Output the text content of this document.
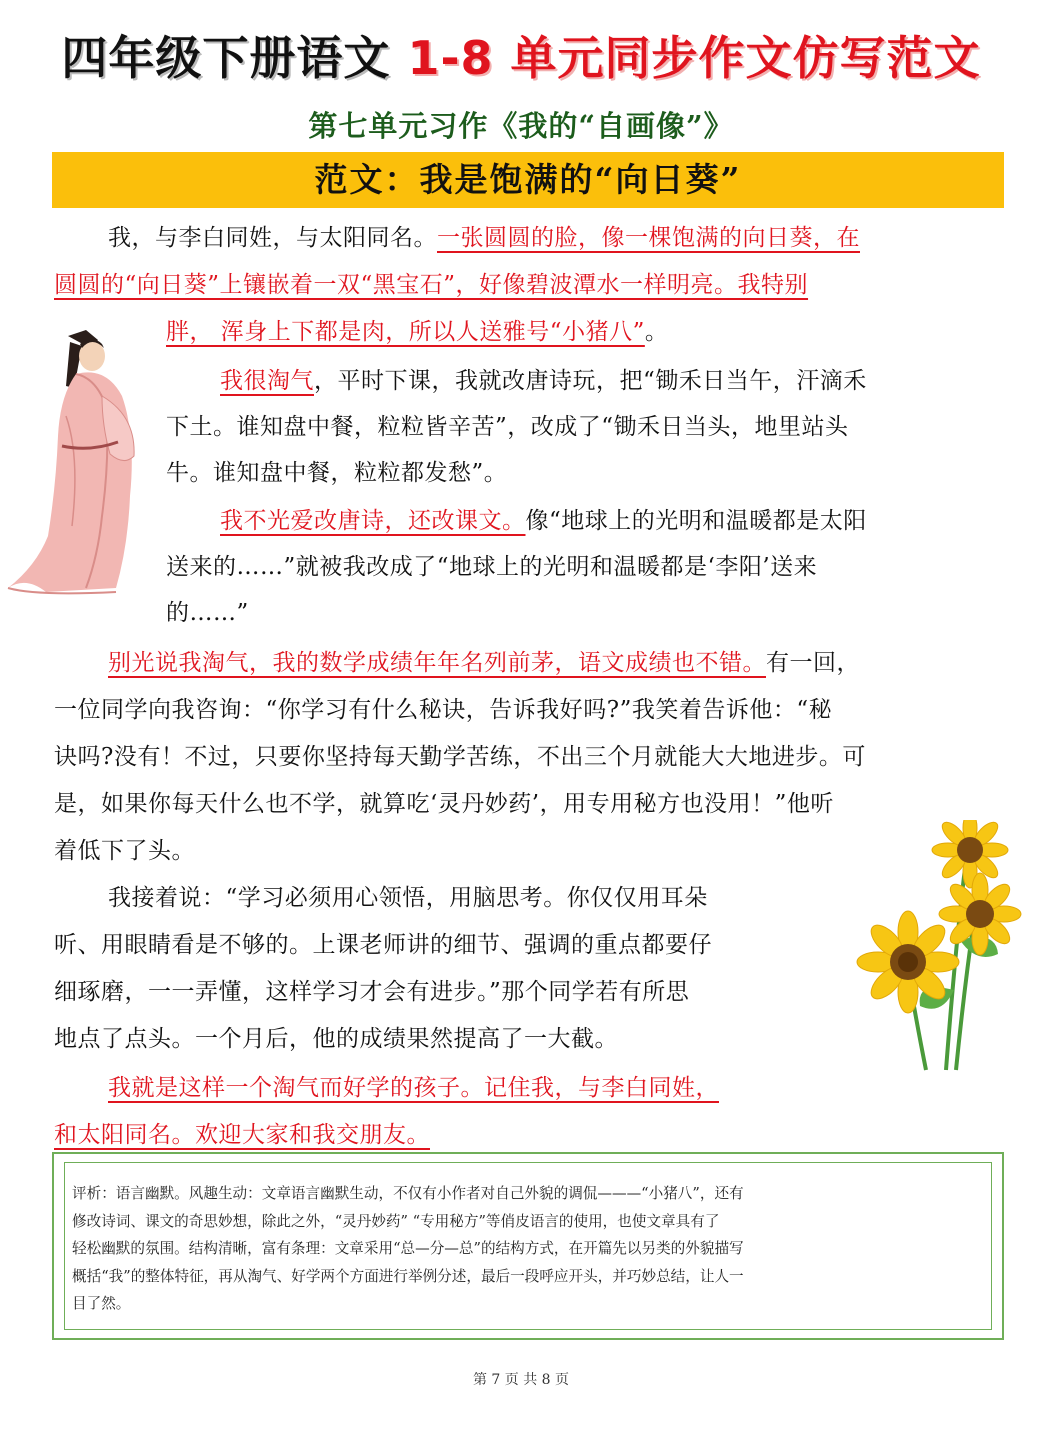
四年级下册语文 1-8 单元同步作文仿写范文
第七单元习作《我的“自画像”》
范文：我是饱满的“向日葵”
我，与李白同姓，与太阳同名。一张圆圆的脸，像一棵饱满的向日葵，在
圆圆的“向日葵”上镶嵌着一双“黑宝石”，好像碧波潭水一样明亮。我特别
胖， 浑身上下都是肉，所以人送雅号“小猪八”。
我很淘气，平时下课，我就改唐诗玩，把“锄禾日当午，汗滴禾
下土。谁知盘中餐，粒粒皆辛苦”，改成了“锄禾日当头，地里站头
牛。谁知盘中餐，粒粒都发愁”。
我不光爱改唐诗，还改课文。像“地球上的光明和温暖都是太阳
送来的……”就被我改成了“地球上的光明和温暖都是‘李阳’送来
的……”
别光说我淘气，我的数学成绩年年名列前茅，语文成绩也不错。有一回，
一位同学向我咨询：“你学习有什么秘诀，告诉我好吗?”我笑着告诉他：“秘
诀吗?没有！不过，只要你坚持每天勤学苦练，不出三个月就能大大地进步。可
是，如果你每天什么也不学，就算吃‘灵丹妙药’，用专用秘方也没用！”他听
着低下了头。
我接着说：“学习必须用心领悟，用脑思考。你仅仅用耳朵
听、用眼睛看是不够的。上课老师讲的细节、强调的重点都要仔
细琢磨，一一弄懂，这样学习才会有进步。”那个同学若有所思
地点了点头。一个月后，他的成绩果然提高了一大截。
我就是这样一个淘气而好学的孩子。记住我，与李白同姓，
和太阳同名。欢迎大家和我交朋友。
评析：语言幽默。风趣生动：文章语言幽默生动，不仅有小作者对自己外貌的调侃———“小猪八”，还有
修改诗词、课文的奇思妙想，除此之外，“灵丹妙药” “专用秘方”等俏皮语言的使用，也使文章具有了
轻松幽默的氛围。结构清晰，富有条理：文章采用“总—分—总”的结构方式，在开篇先以另类的外貌描写
概括“我”的整体特征，再从淘气、好学两个方面进行举例分述，最后一段呼应开头，并巧妙总结，让人一
目了然。
第 7 页 共 8 页
